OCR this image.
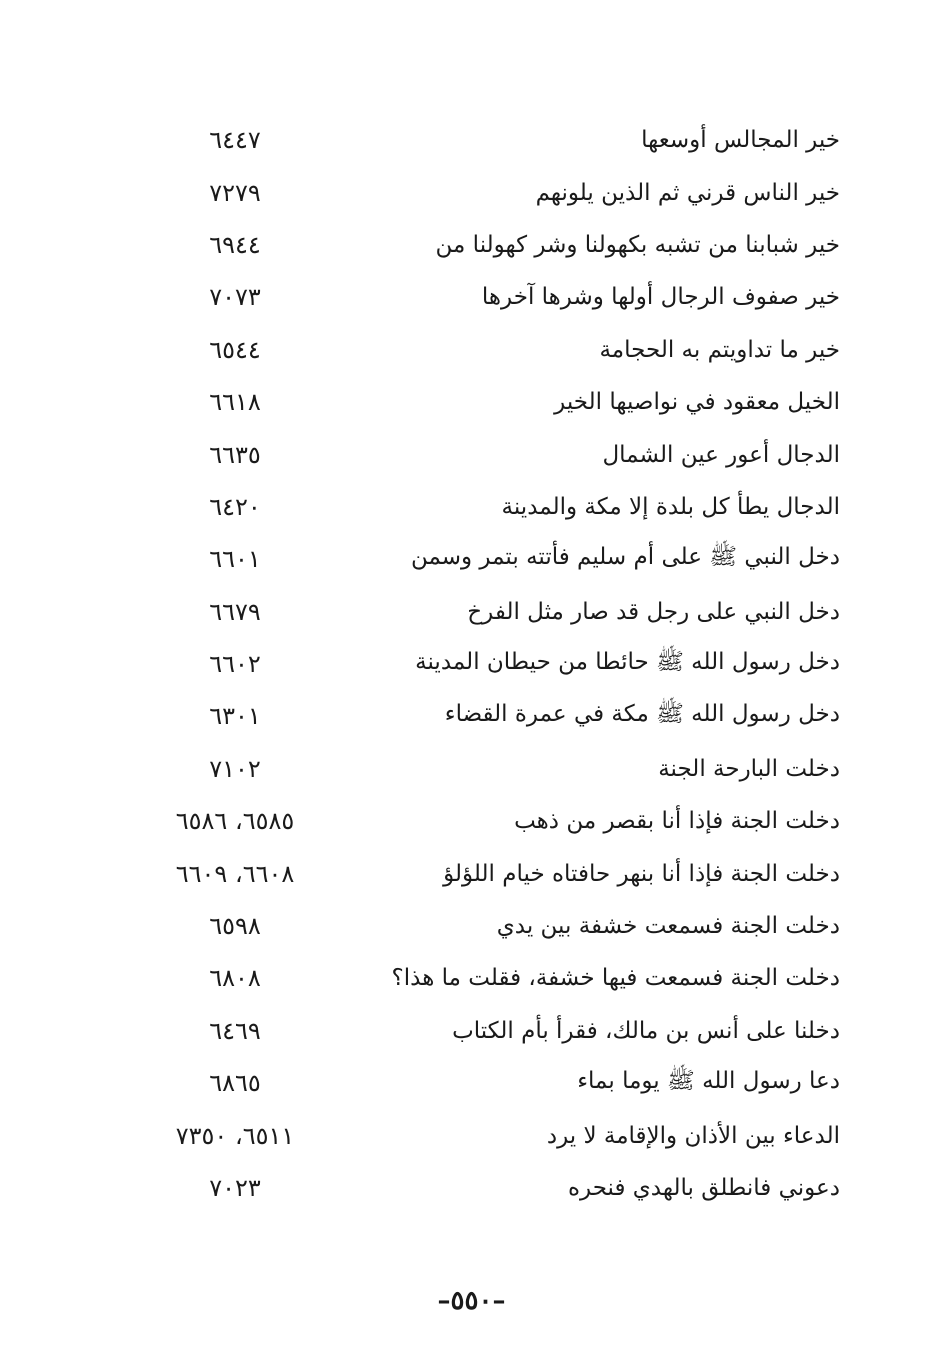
٦٤٤٧	خير المجالس أوسعها
٧٢٧٩	خير الناس قرني ثم الذين يلونهم
٦٩٤٤	خير شبابنا من تشبه بكهولنا وشر كهولنا من
٧٠٧٣	خير صفوف الرجال أولها وشرها آخرها
٦٥٤٤	خير ما تداويتم به الحجامة
٦٦١٨	الخيل معقود في نواصيها الخير
٦٦٣٥	الدجال أعور عين الشمال
٦٤٢٠	الدجال يطأ كل بلدة إلا مكة والمدينة
٦٦٠١	دخل النبي ﷺ على أم سليم فأتته بتمر وسمن
٦٦٧٩	دخل النبي على رجل قد صار مثل الفرخ
٦٦٠٢	دخل رسول الله ﷺ حائطا من حيطان المدينة
٦٣٠١	دخل رسول الله ﷺ مكة في عمرة القضاء
٧١٠٢	دخلت البارحة الجنة
٦٥٨٥، ٦٥٨٦	دخلت الجنة فإذا أنا بقصر من ذهب
٦٦٠٨، ٦٦٠٩	دخلت الجنة فإذا أنا بنهر حافتاه خيام اللؤلؤ
٦٥٩٨	دخلت الجنة فسمعت خشفة بين يدي
٦٨٠٨	دخلت الجنة فسمعت فيها خشفة، فقلت ما هذا؟
٦٤٦٩	دخلنا على أنس بن مالك، فقرأ بأم الكتاب
٦٨٦٥	دعا رسول الله ﷺ يوما بماء
٦٥١١، ٧٣٥٠	الدعاء بين الأذان والإقامة لا يرد
٧٠٢٣	دعوني فانطلق بالهدي فنحره
–٥٥٠–
